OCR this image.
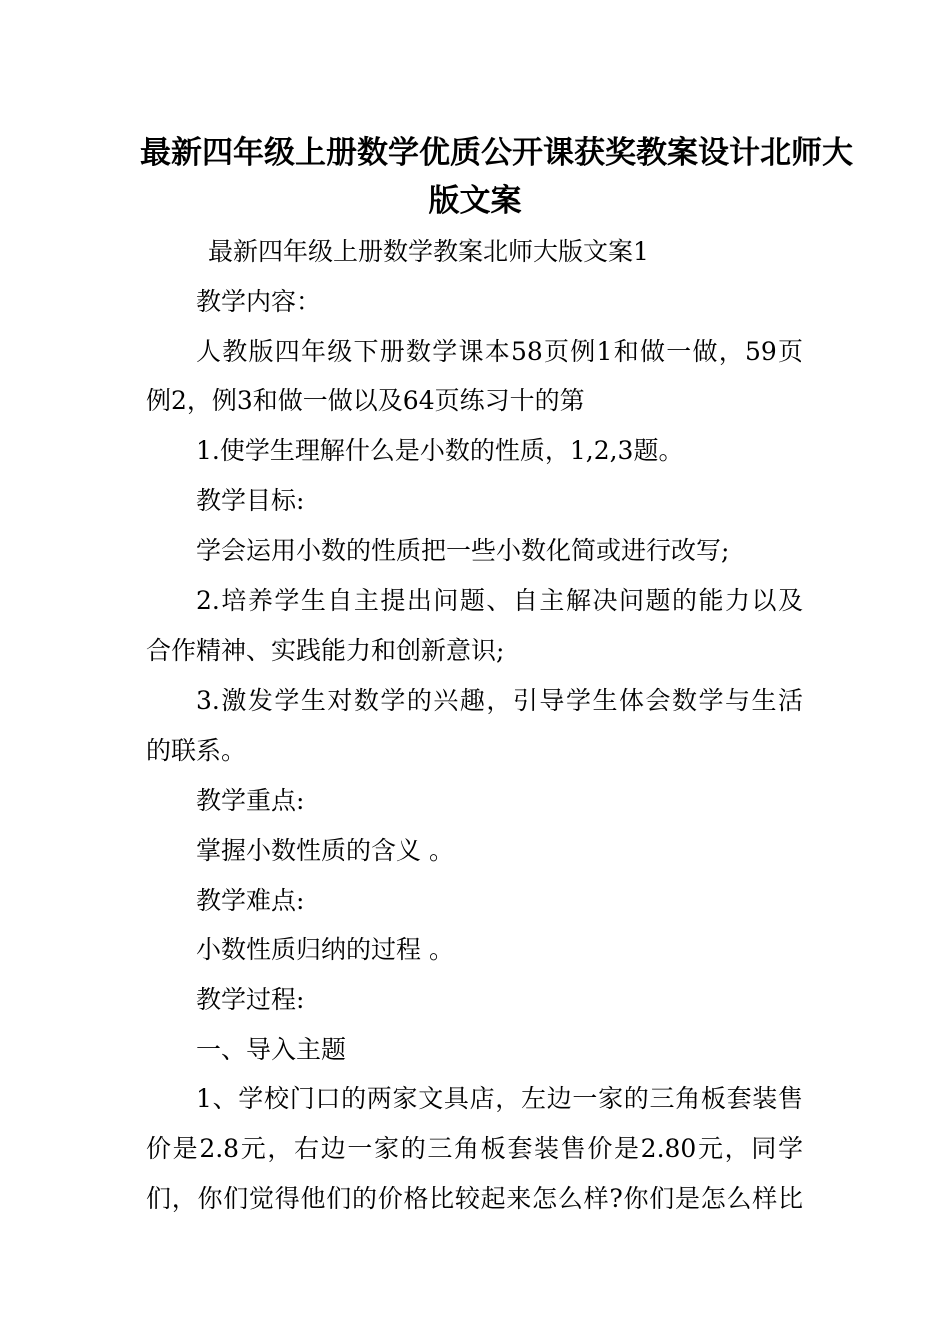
最新四年级上册数学优质公开课获奖教案设计北师大
版文案
最新四年级上册数学教案北师大版文案1
教学内容：
人教版四年级下册数学课本58页例1和做一做，59页
例2，例3和做一做以及64页练习十的第
1.使学生理解什么是小数的性质，1,2,3题。
教学目标:
学会运用小数的性质把一些小数化简或进行改写;
2.培养学生自主提出问题、自主解决问题的能力以及
合作精神、实践能力和创新意识;
3.激发学生对数学的兴趣，引导学生体会数学与生活
的联系。
教学重点:
掌握小数性质的含义 。
教学难点:
小数性质归纳的过程 。
教学过程:
一、导入主题
1、学校门口的两家文具店，左边一家的三角板套装售
价是2.8元，右边一家的三角板套装售价是2.80元，同学
们，你们觉得他们的价格比较起来怎么样?你们是怎么样比
